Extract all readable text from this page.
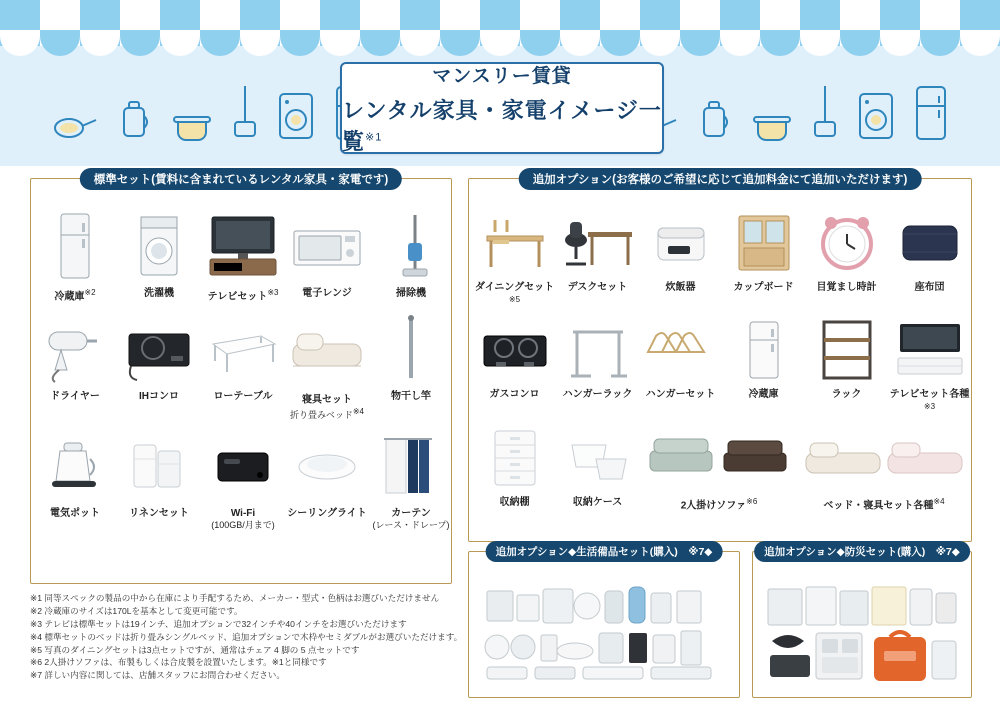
マンスリー賃貸
レンタル家具・家電イメージ一覧$^{※1}$
標準セット(賃料に含まれているレンタル家具・家電です)
冷蔵庫$^{※2}$	洗濯機	テレビセット$^{※3}$ 電子レンジ	掃除機
ドライヤー	IHコンロ	ローテーブル	寝具セット
折り畳みベッド$^{※4}$
物干し竿
電気ポット	リネンセット	Wi-Fi
(100GB/月まで)
シーリングライト	カーテン
(レース・ドレープ)
追加オプション(お客様のご希望に応じて追加料金にて追加いただけます)
ダイニングセット$^{※5}$
デスクセット	炊飯器	カップボード 目覚まし時計	座布団
ガスコンロ ハンガーラック ハンガーセット	冷蔵庫	ラック	テレビセット各種$^{※3}$
収納棚	収納ケース	2人掛けソファ$^{※6}$	ベッド・寝具セット各種$^{※4}$
追加オプション◆生活備品セット(購入)　※7◆	追加オプション◆防災セット(購入)　※7◆
※1 同等スペックの製品の中から在庫により手配するため、メーカー・型式・色柄はお選びいただけません
※2 冷蔵庫のサイズは170Lを基本として変更可能です。
※3 テレビは標準セットは19インチ、追加オプションで32インチや40インチをお選びいただけます
※4 標準セットのベッドは折り畳みシングルベッド、追加オプションで木枠やセミダブルがお選びいただけます。
※5 写真のダイニングセットは3点セットですが、通常はチェア 4 脚の 5 点セットです
※6 2人掛けソファは、布製もしくは合皮製を設置いたします。※1と同様です
※7 詳しい内容に関しては、店舗スタッフにお問合わせください。
